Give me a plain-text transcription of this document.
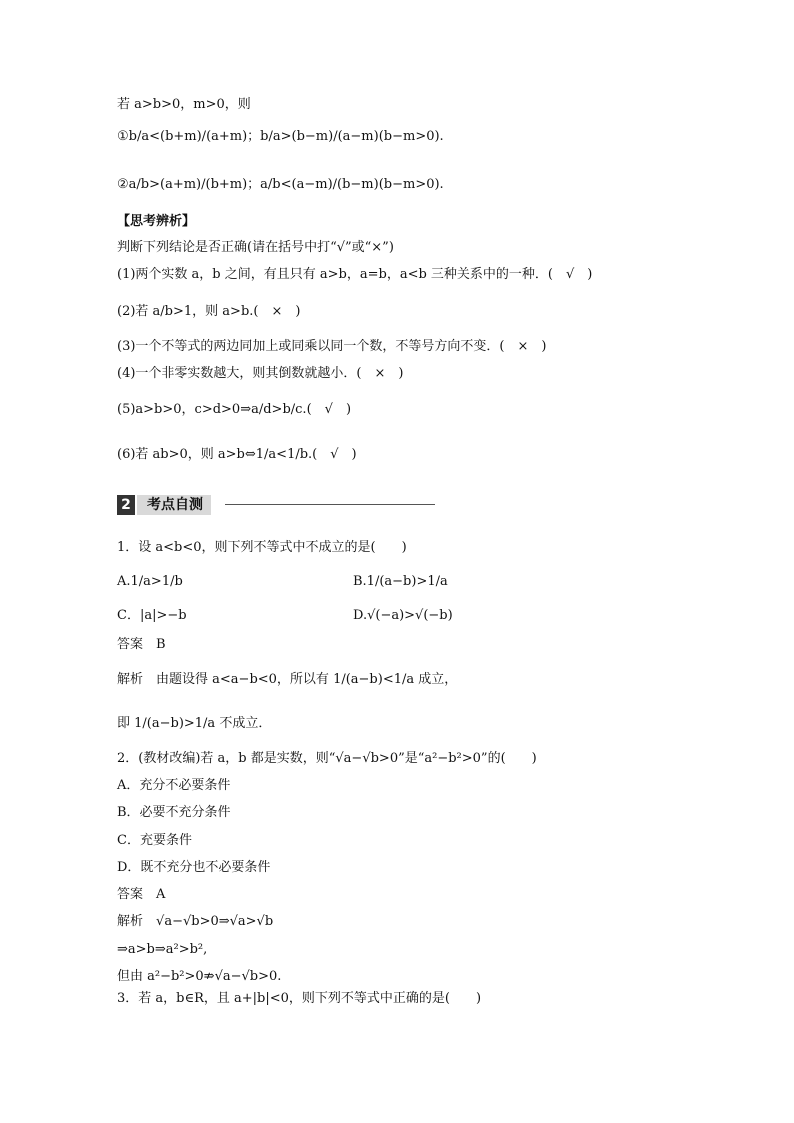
若 a>b>0，m>0，则
①b/a<(b+m)/(a+m)；b/a>(b−m)/(a−m)(b−m>0).
②a/b>(a+m)/(b+m)；a/b<(a−m)/(b−m)(b−m>0).
【思考辨析】
判断下列结论是否正确(请在括号中打“√”或“×”)
(1)两个实数 a，b 之间，有且只有 a>b，a=b，a<b 三种关系中的一种．(　√　)
(2)若 a/b>1，则 a>b.(　×　)
(3)一个不等式的两边同加上或同乘以同一个数，不等号方向不变．(　×　)
(4)一个非零实数越大，则其倒数就越小．(　×　)
(5)a>b>0，c>d>0⇒a/d>b/c.(　√　)
(6)若 ab>0，则 a>b⇔1/a<1/b.(　√　)
2	考点自测
1．设 a<b<0，则下列不等式中不成立的是(　　)
A.1/a>1/b	B.1/(a−b)>1/a
C．|a|>−b	D.√(−a)>√(−b)
答案　 B
解析　 由题设得 a<a−b<0，所以有 1/(a−b)<1/a 成立，
即 1/(a−b)>1/a 不成立．
2．(教材改编)若 a，b 都是实数，则“√a−√b>0”是“a²−b²>0”的(　　)
A．充分不必要条件
B．必要不充分条件
C．充要条件
D．既不充分也不必要条件
答案　 A
解析　 √a−√b>0⇒√a>√b
⇒a>b⇒a²>b²,
但由 a²−b²>0⇏√a−√b>0.
3．若 a，b∈R，且 a+|b|<0，则下列不等式中正确的是(　　)
